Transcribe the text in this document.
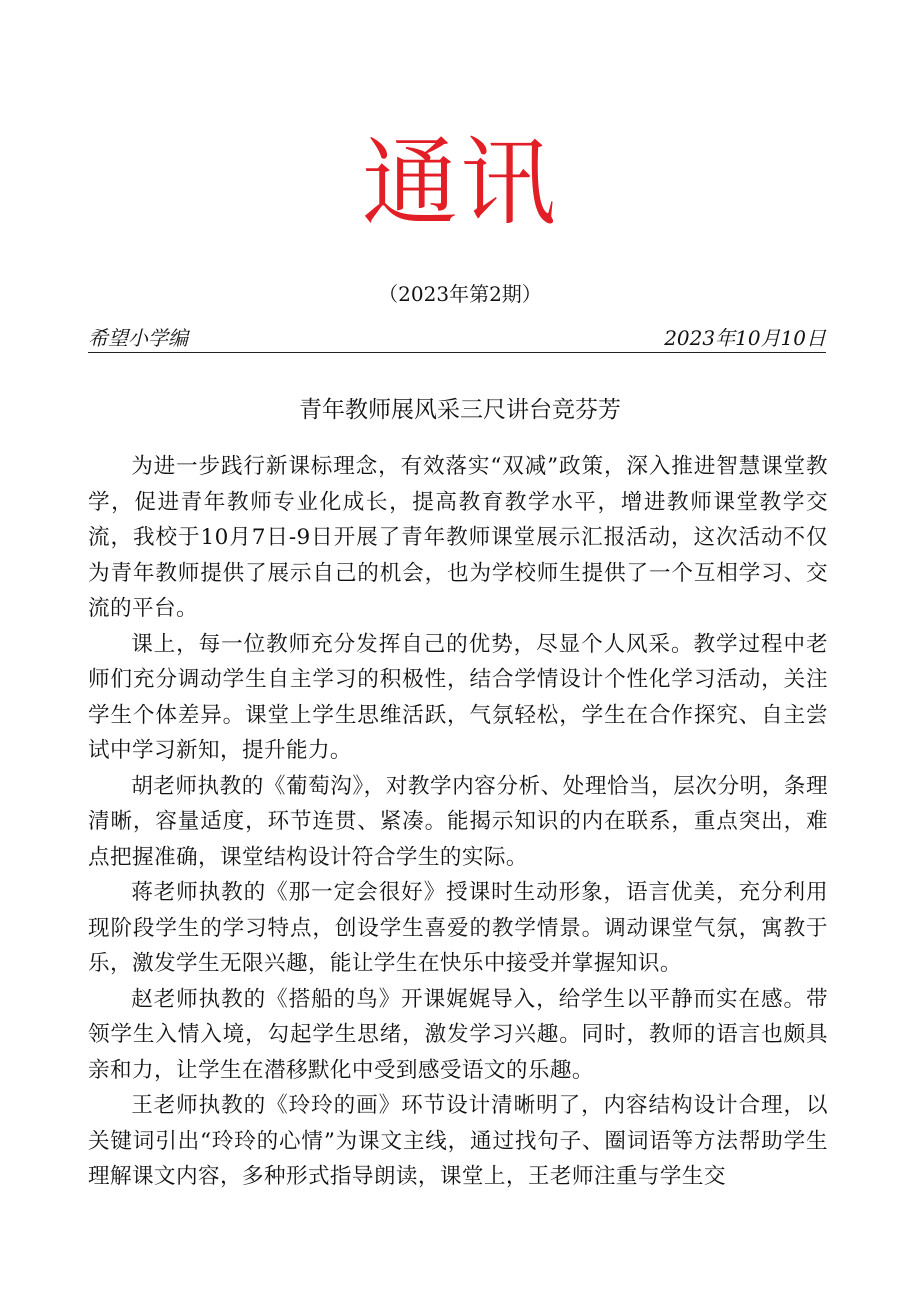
通讯
（2023年第2期）
希望小学编	2023年10月10日
青年教师展风采三尺讲台竞芬芳

为进一步践行新课标理念，有效落实“双减”政策，深入推进智慧课堂教学，促进青年教师专业化成长，提高教育教学水平，增进教师课堂教学交流，我校于10月7日-9日开展了青年教师课堂展示汇报活动，这次活动不仅为青年教师提供了展示自己的机会，也为学校师生提供了一个互相学习、交流的平台。

课上，每一位教师充分发挥自己的优势，尽显个人风采。教学过程中老师们充分调动学生自主学习的积极性，结合学情设计个性化学习活动，关注学生个体差异。课堂上学生思维活跃，气氛轻松，学生在合作探究、自主尝试中学习新知，提升能力。

胡老师执教的《葡萄沟》，对教学内容分析、处理恰当，层次分明，条理清晰，容量适度，环节连贯、紧凑。能揭示知识的内在联系，重点突出，难点把握准确，课堂结构设计符合学生的实际。

蒋老师执教的《那一定会很好》授课时生动形象，语言优美，充分利用现阶段学生的学习特点，创设学生喜爱的教学情景。调动课堂气氛，寓教于乐，激发学生无限兴趣，能让学生在快乐中接受并掌握知识。

赵老师执教的《搭船的鸟》开课娓娓导入，给学生以平静而实在感。带领学生入情入境，勾起学生思绪，激发学习兴趣。同时，教师的语言也颇具亲和力，让学生在潜移默化中受到感受语文的乐趣。

王老师执教的《玲玲的画》环节设计清晰明了，内容结构设计合理，以关键词引出“玲玲的心情”为课文主线，通过找句子、圈词语等方法帮助学生理解课文内容，多种形式指导朗读，课堂上，王老师注重与学生交
